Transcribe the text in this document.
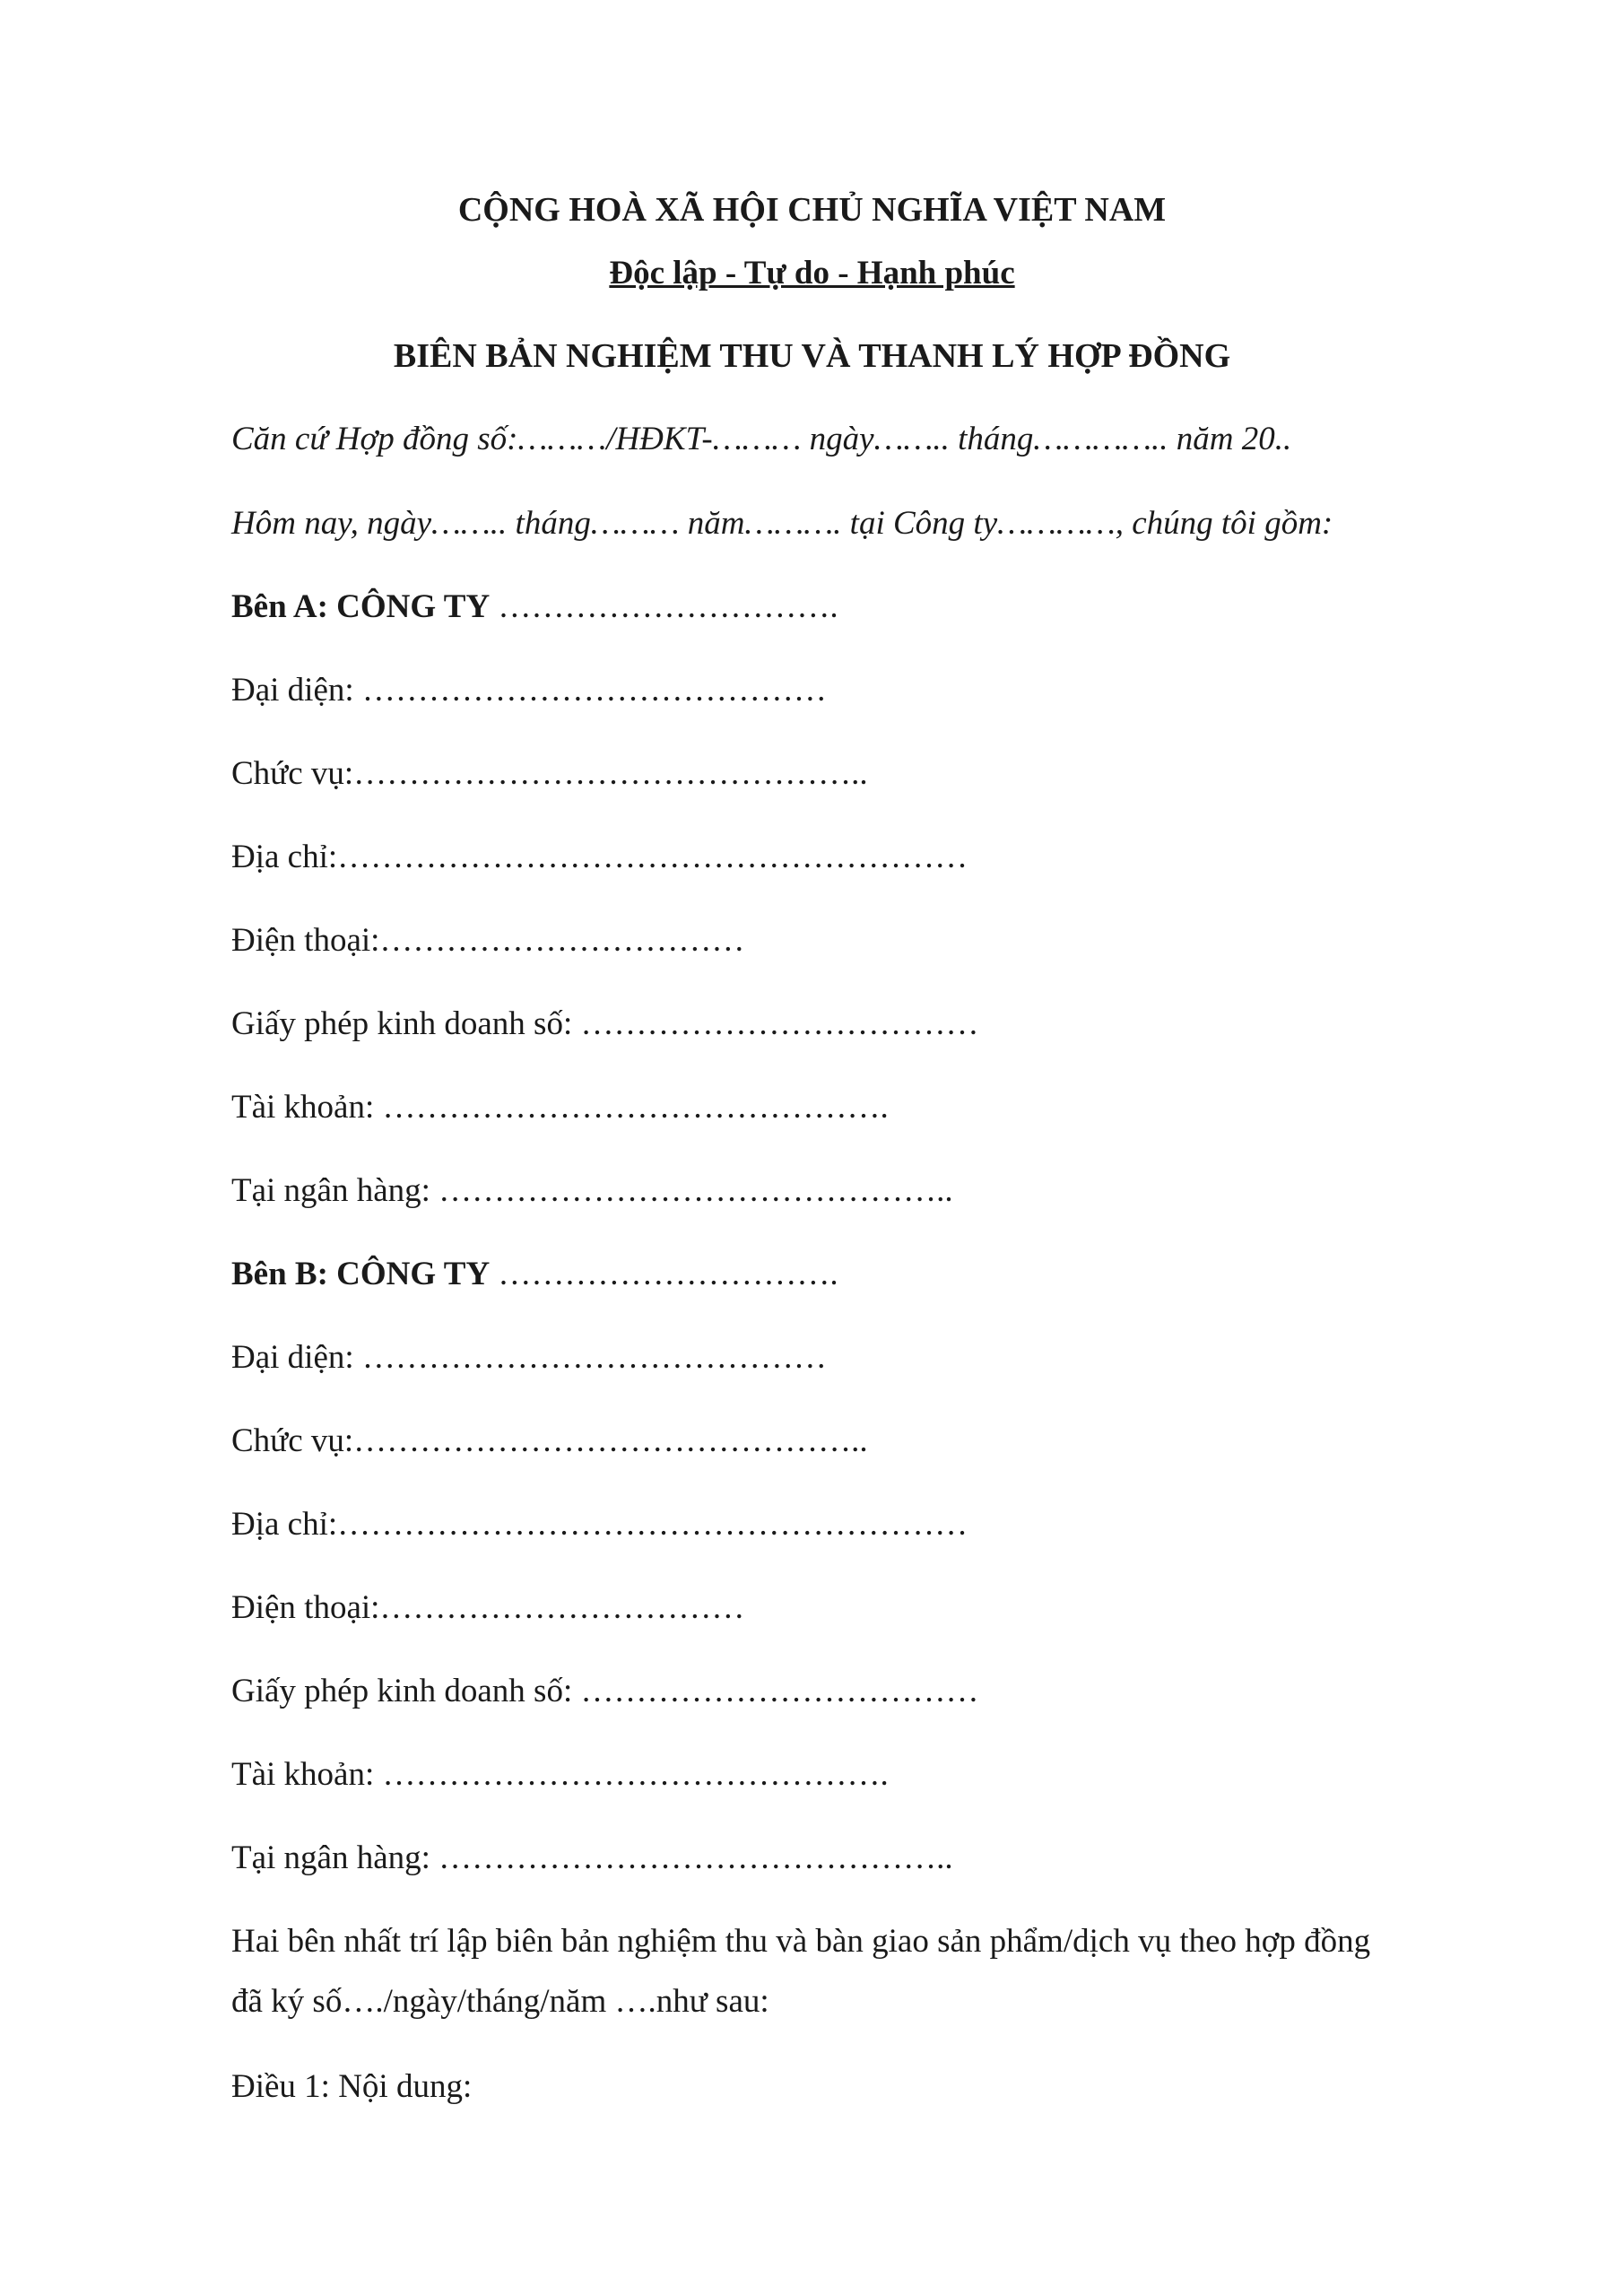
CỘNG HOÀ XÃ HỘI CHỦ NGHĨA VIỆT NAM
Độc lập - Tự do - Hạnh phúc
BIÊN BẢN NGHIỆM THU VÀ THANH LÝ HỢP ĐỒNG
Căn cứ Hợp đồng số:………/HĐKT-……… ngày…….. tháng………….. năm 20..
Hôm nay, ngày…….. tháng……… năm………. tại Công ty…………, chúng tôi gồm:
Bên A: CÔNG TY ………………………….
Đại diện: ……………………………………
Chức vụ:………………………………………..
Địa chỉ:…………………………………………………
Điện thoại:……………………………
Giấy phép kinh doanh số: ………………………………
Tài khoản: ……………………………………….
Tại ngân hàng: ………………………………………..
Bên B: CÔNG TY ………………………….
Đại diện: ……………………………………
Chức vụ:………………………………………..
Địa chỉ:…………………………………………………
Điện thoại:……………………………
Giấy phép kinh doanh số: ………………………………
Tài khoản: ……………………………………….
Tại ngân hàng: ………………………………………..
Hai bên nhất trí lập biên bản nghiệm thu và bàn giao sản phẩm/dịch vụ theo hợp đồng
đã ký số…./ngày/tháng/năm ….như sau:
Điều 1: Nội dung:
